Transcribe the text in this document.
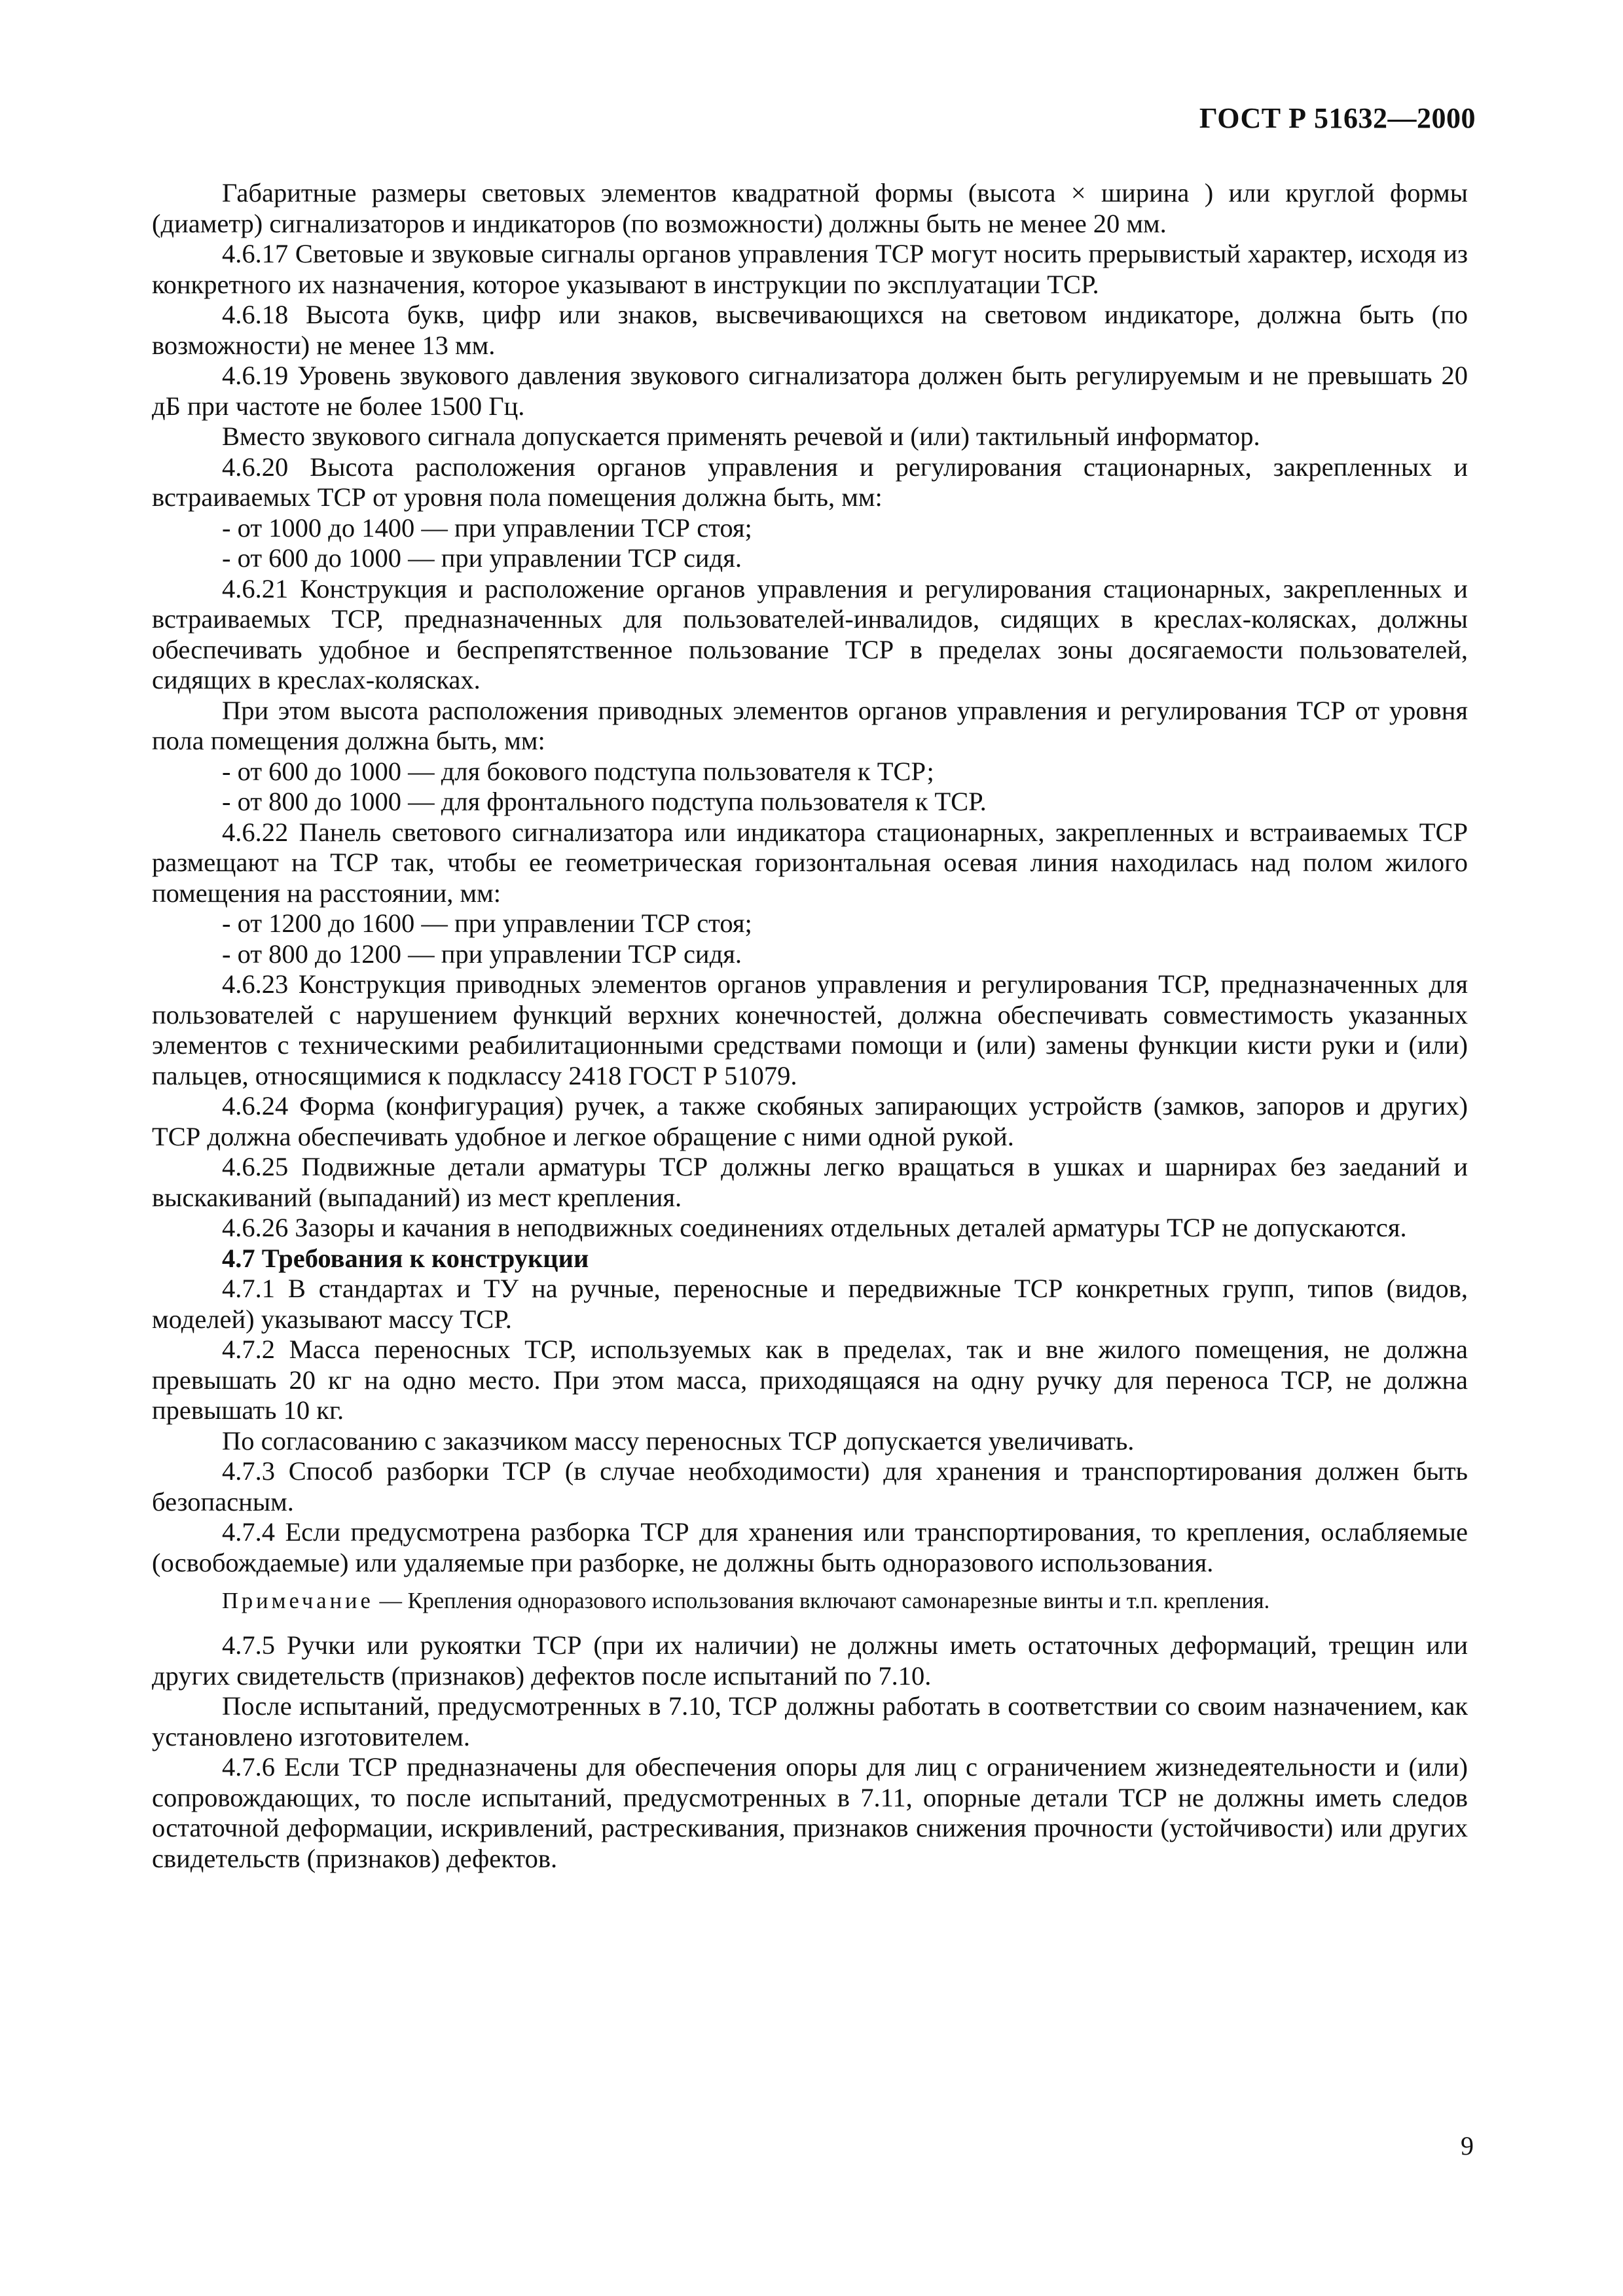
ГОСТ Р 51632—2000

Габаритные размеры световых элементов квадратной формы (высота × ширина ) или круглой формы (диаметр) сигнализаторов и индикаторов (по возможности) должны быть не менее 20 мм.

4.6.17 Световые и звуковые сигналы органов управления ТСР могут носить прерывистый характер, исходя из конкретного их назначения, которое указывают в инструкции по эксплуатации ТСР.

4.6.18 Высота букв, цифр или знаков, высвечивающихся на световом индикаторе, должна быть (по возможности) не менее 13 мм.

4.6.19 Уровень звукового давления звукового сигнализатора должен быть регулируемым и не превышать 20 дБ при частоте не более 1500 Гц.

Вместо звукового сигнала допускается применять речевой и (или) тактильный информатор.

4.6.20 Высота расположения органов управления и регулирования стационарных, закрепленных и встраиваемых ТСР от уровня пола помещения должна быть, мм:

- от 1000 до 1400 — при управлении ТСР стоя;

- от 600 до 1000 — при управлении ТСР сидя.

4.6.21 Конструкция и расположение органов управления и регулирования стационарных, закрепленных и встраиваемых ТСР, предназначенных для пользователей-инвалидов, сидящих в креслах-колясках, должны обеспечивать удобное и беспрепятственное пользование ТСР в пределах зоны досягаемости пользователей, сидящих в креслах-колясках.

При этом высота расположения приводных элементов органов управления и регулирования ТСР от уровня пола помещения должна быть, мм:

- от 600 до 1000 — для бокового подступа пользователя к ТСР;

- от 800 до 1000 — для фронтального подступа пользователя к ТСР.

4.6.22 Панель светового сигнализатора или индикатора стационарных, закрепленных и встраиваемых ТСР размещают на ТСР так, чтобы ее геометрическая горизонтальная осевая линия находилась над полом жилого помещения на расстоянии, мм:

- от 1200 до 1600 — при управлении ТСР стоя;

- от 800 до 1200 — при управлении ТСР сидя.

4.6.23 Конструкция приводных элементов органов управления и регулирования ТСР, предназначенных для пользователей с нарушением функций верхних конечностей, должна обеспечивать совместимость указанных элементов с техническими реабилитационными средствами помощи и (или) замены функции кисти руки и (или) пальцев, относящимися к подклассу 2418 ГОСТ Р 51079.

4.6.24 Форма (конфигурация) ручек, а также скобяных запирающих устройств (замков, запоров и других) ТСР должна обеспечивать удобное и легкое обращение с ними одной рукой.

4.6.25 Подвижные детали арматуры ТСР должны легко вращаться в ушках и шарнирах без заеданий и выскакиваний (выпаданий) из мест крепления.

4.6.26 Зазоры и качания в неподвижных соединениях отдельных деталей арматуры ТСР не допускаются.

4.7 Требования к конструкции

4.7.1 В стандартах и ТУ на ручные, переносные и передвижные ТСР конкретных групп, типов (видов, моделей) указывают массу ТСР.

4.7.2 Масса переносных ТСР, используемых как в пределах, так и вне жилого помещения, не должна превышать 20 кг на одно место. При этом масса, приходящаяся на одну ручку для переноса ТСР, не должна превышать 10 кг.

По согласованию с заказчиком массу переносных ТСР допускается увеличивать.

4.7.3 Способ разборки ТСР (в случае необходимости) для хранения и транспортирования должен быть безопасным.

4.7.4 Если предусмотрена разборка ТСР для хранения или транспортирования, то крепления, ослабляемые (освобождаемые) или удаляемые при разборке, не должны быть одноразового использования.

Примечание — Крепления одноразового использования включают самонарезные винты и т.п. крепления.

4.7.5 Ручки или рукоятки ТСР (при их наличии) не должны иметь остаточных деформаций, трещин или других свидетельств (признаков) дефектов после испытаний по 7.10.

После испытаний, предусмотренных в 7.10, ТСР должны работать в соответствии со своим назначением, как установлено изготовителем.

4.7.6 Если ТСР предназначены для обеспечения опоры для лиц с ограничением жизнедеятельности и (или) сопровождающих, то после испытаний, предусмотренных в 7.11, опорные детали ТСР не должны иметь следов остаточной деформации, искривлений, растрескивания, признаков снижения прочности (устойчивости) или других свидетельств (признаков) дефектов.

9
